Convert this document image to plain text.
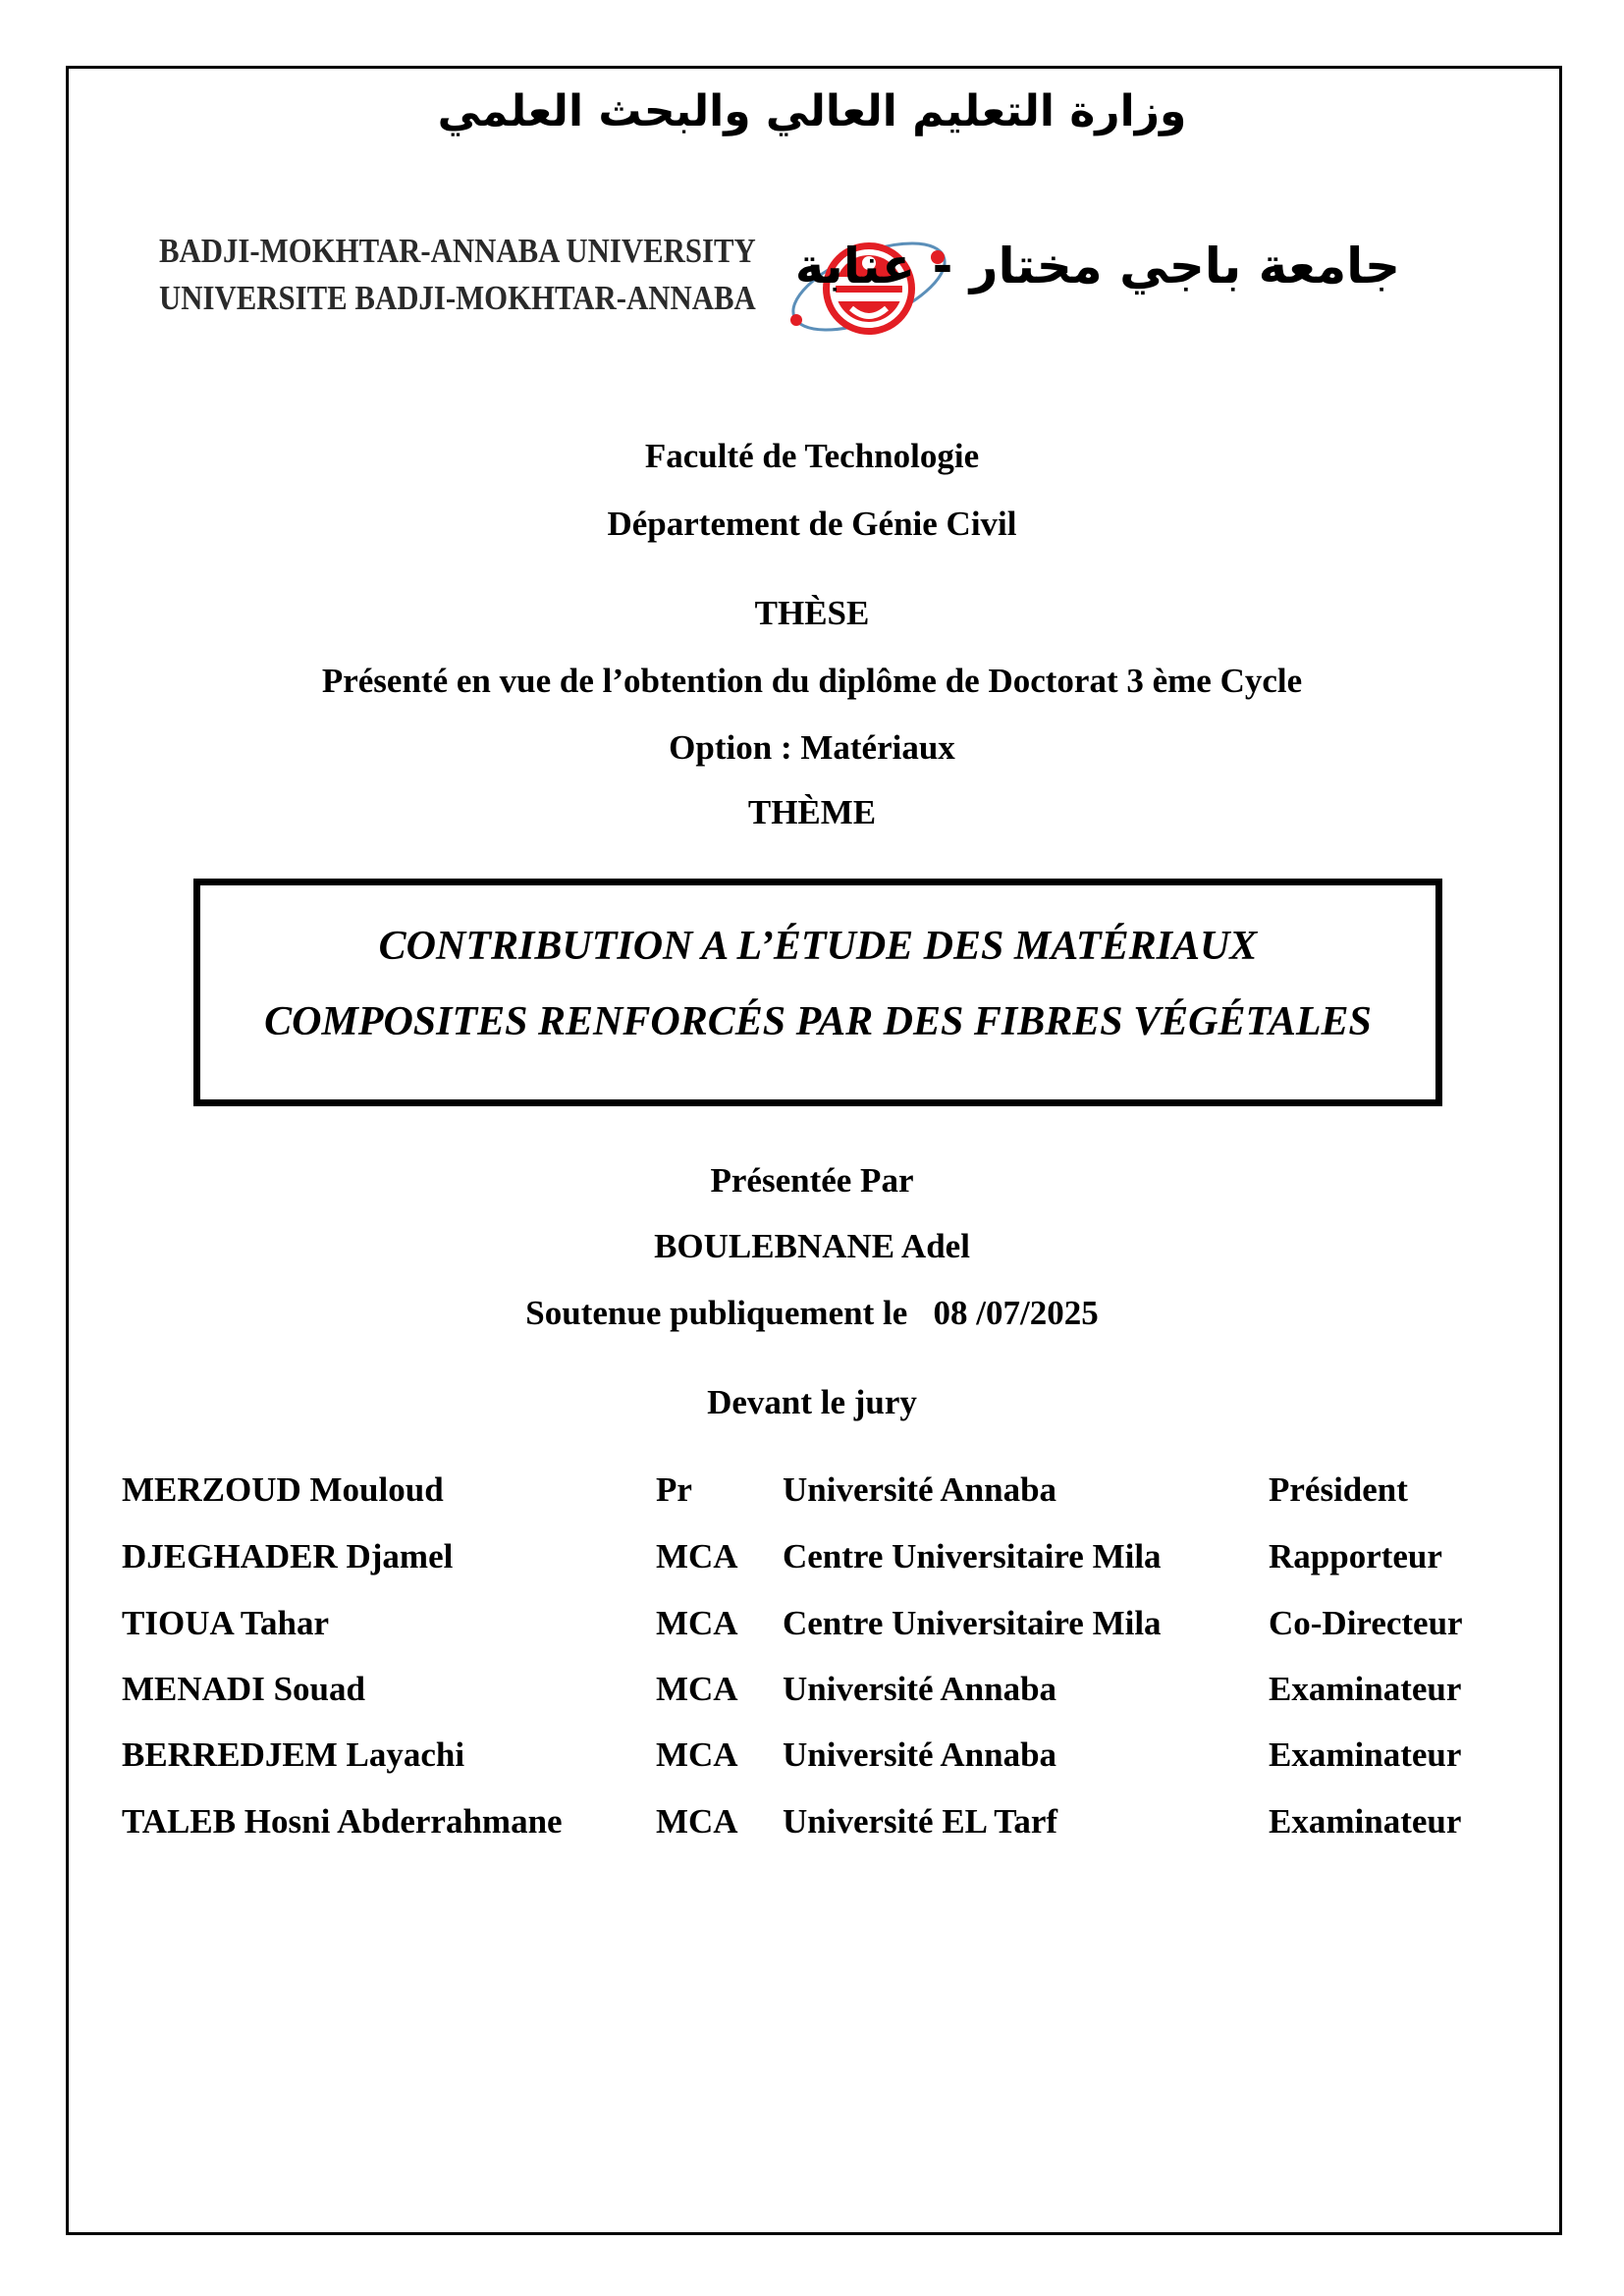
وزارة التعليم العالي والبحث العلمي
BADJI-MOKHTAR-ANNABA UNIVERSITY
UNIVERSITE BADJI-MOKHTAR-ANNABA
جامعة باجي مختار - عنابة
Faculté de Technologie
Département de Génie Civil
THÈSE
Présenté en vue de l’obtention du diplôme de Doctorat 3 ème Cycle
Option : Matériaux
THÈME
CONTRIBUTION A L’ÉTUDE DES MATÉRIAUX
COMPOSITES RENFORCÉS PAR DES FIBRES VÉGÉTALES
Présentée Par
BOULEBNANE Adel
Soutenue publiquement le   08 /07/2025
Devant le jury
MERZOUD Mouloud	Pr	Université Annaba	Président
DJEGHADER Djamel	MCA Centre Universitaire Mila	Rapporteur
TIOUA Tahar	MCA Centre Universitaire Mila	Co-Directeur
MENADI Souad	MCA Université Annaba	Examinateur
BERREDJEM Layachi	MCA Université Annaba	Examinateur
TALEB Hosni Abderrahmane	MCA Université EL Tarf	Examinateur
